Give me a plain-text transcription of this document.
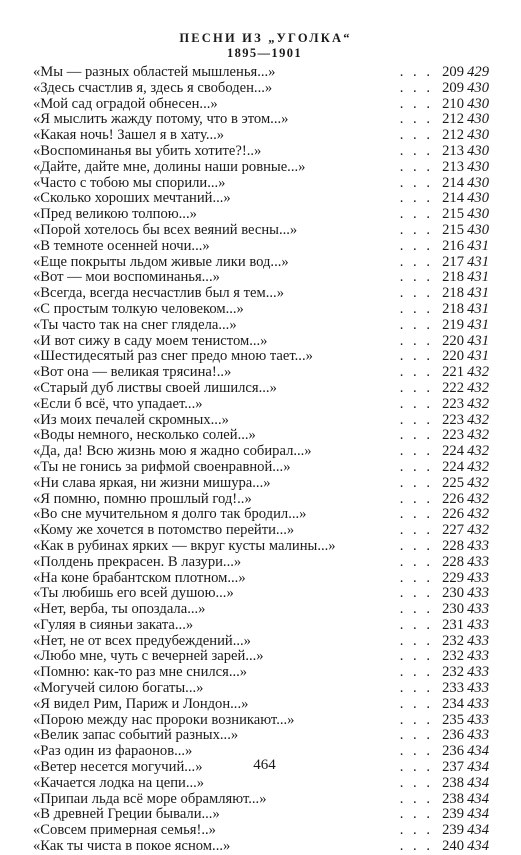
ПЕСНИ ИЗ „УГОЛКА“
1895—1901
«Мы — разных областей мышленья...»	. . . 209 429
«Здесь счастлив я, здесь я свободен...»	. . . 209 430
«Мой сад оградой обнесен...»	. . . 210 430
«Я мыслить жажду потому, что в этом...»	. . . 212 430
«Какая ночь! Зашел я в хату...»	. . . 212 430
«Воспоминанья вы убить хотите?!..»	. . . 213 430
«Дайте, дайте мне, долины наши ровные...»	. . . 213 430
«Часто с тобою мы спорили...»	. . . 214 430
«Сколько хороших мечтаний...»	. . . 214 430
«Пред великою толпою...»	. . . 215 430
«Порой хотелось бы всех веяний весны...»	. . . 215 430
«В темноте осенней ночи...»	. . . 216 431
«Еще покрыты льдом живые лики вод...»	. . . 217 431
«Вот — мои воспоминанья...»	. . . 218 431
«Всегда, всегда несчастлив был я тем...»	. . . 218 431
«С простым толкую человеком...»	. . . 218 431
«Ты часто так на снег глядела...»	. . . 219 431
«И вот сижу в саду моем тенистом...»	. . . 220 431
«Шестидесятый раз снег предо мною тает...»	. . . 220 431
«Вот она — великая трясина!..»	. . . 221 432
«Старый дуб листвы своей лишился...»	. . . 222 432
«Если б всё, что упадает...»	. . . 223 432
«Из моих печалей скромных...»	. . . 223 432
«Воды немного, несколько солей...»	. . . 223 432
«Да, да! Всю жизнь мою я жадно собирал...»	. . . 224 432
«Ты не гонись за рифмой своенравной...»	. . . 224 432
«Ни слава яркая, ни жизни мишура...»	. . . 225 432
«Я помню, помню прошлый год!..»	. . . 226 432
«Во сне мучительном я долго так бродил...»	. . . 226 432
«Кому же хочется в потомство перейти...»	. . . 227 432
«Как в рубинах ярких — вкруг кусты малины...»	. . . 228 433
«Полдень прекрасен. В лазури...»	. . . 228 433
«На коне брабантском плотном...»	. . . 229 433
«Ты любишь его всей душою...»	. . . 230 433
«Нет, верба, ты опоздала...»	. . . 230 433
«Гуляя в сияньи заката...»	. . . 231 433
«Нет, не от всех предубеждений...»	. . . 232 433
«Любо мне, чуть с вечерней зарей...»	. . . 232 433
«Помню: как-то раз мне снился...»	. . . 232 433
«Могучей силою богаты...»	. . . 233 433
«Я видел Рим, Париж и Лондон...»	. . . 234 433
«Порою между нас пророки возникают...»	. . . 235 433
«Велик запас событий разных...»	. . . 236 433
«Раз один из фараонов...»	. . . 236 434
«Ветер несется могучий...»	. . . 237 434
«Качается лодка на цепи...»	. . . 238 434
«Припаи льда всё море обрамляют...»	. . . 238 434
«В древней Греции бывали...»	. . . 239 434
«Совсем примерная семья!..»	. . . 239 434
«Как ты чиста в покое ясном...»	. . . 240 434
464
